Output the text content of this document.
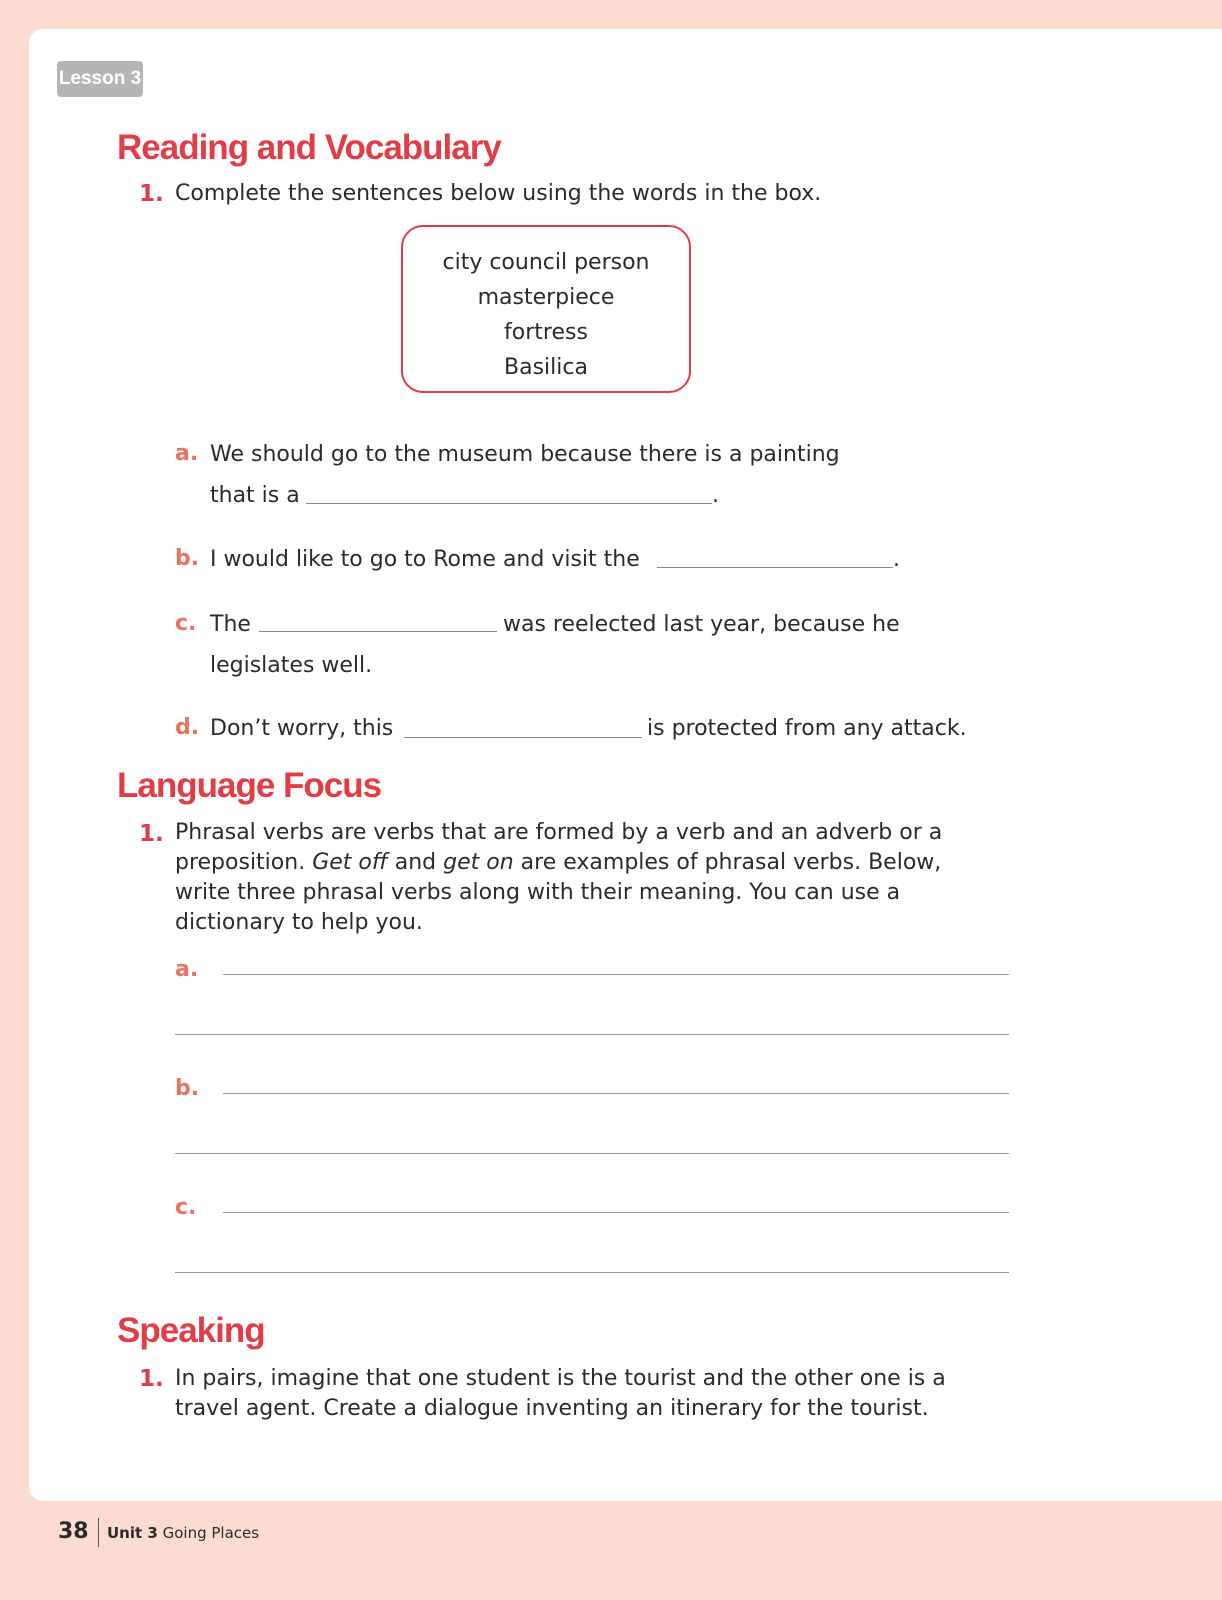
Lesson 3
Reading and Vocabulary
1. Complete the sentences below using the words in the box.
city council person
masterpiece
fortress
Basilica
a. We should go to the museum because there is a painting
that is a	.
b. I would like to go to Rome and visit the	.
c. The	was reelected last year, because he
legislates well.
d. Don’t worry, this	is protected from any attack.
Language Focus
1. Phrasal verbs are verbs that are formed by a verb and an adverb or a preposition. Get off and get on are examples of phrasal verbs. Below, write three phrasal verbs along with their meaning. You can use a dictionary to help you.
a.
b.
c.
Speaking
1. In pairs, imagine that one student is the tourist and the other one is a travel agent. Create a dialogue inventing an itinerary for the tourist.
38 Unit 3 Going Places
